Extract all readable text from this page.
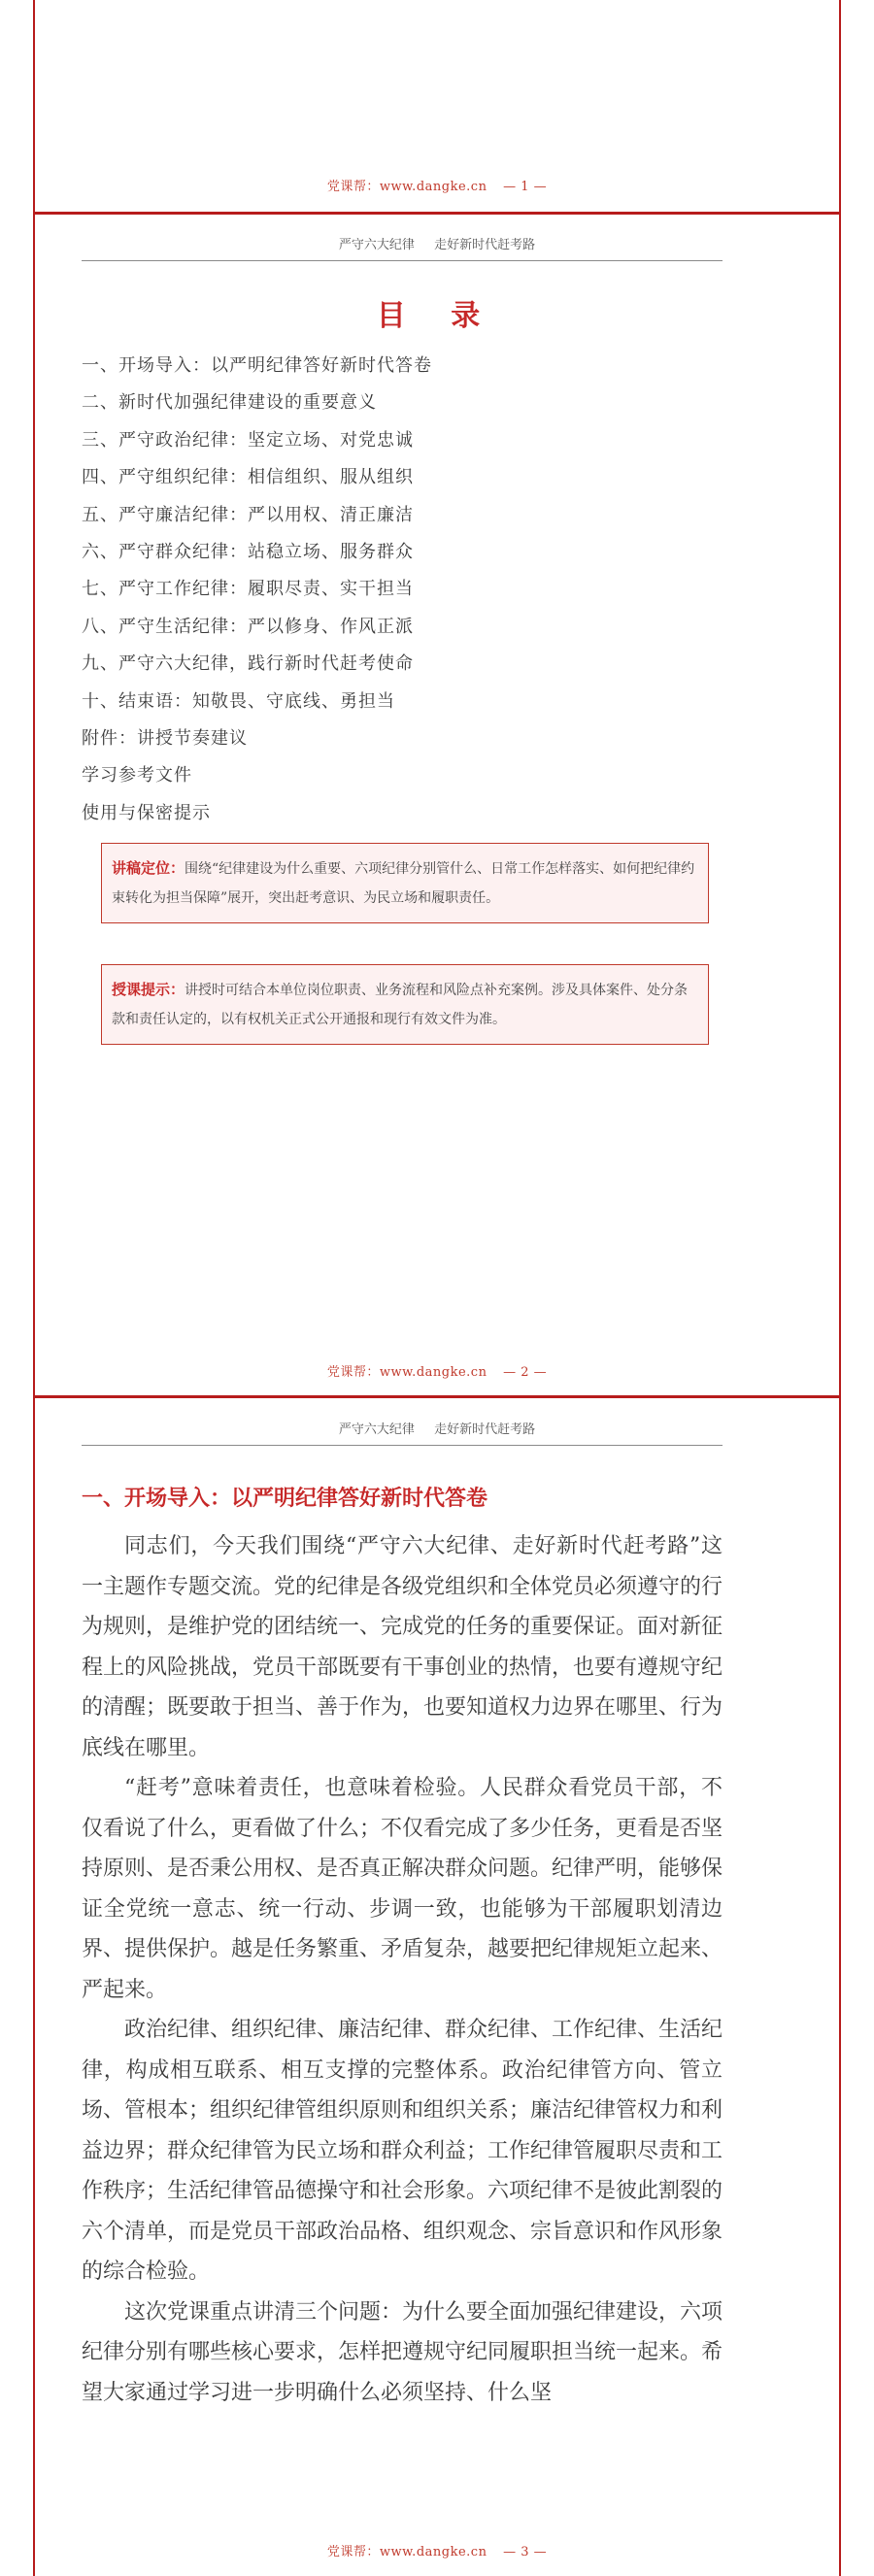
党课帮：www.dangke.cn — 1 —
严守六大纪律 走好新时代赶考路
目 录
一、开场导入：以严明纪律答好新时代答卷
二、新时代加强纪律建设的重要意义
三、严守政治纪律：坚定立场、对党忠诚
四、严守组织纪律：相信组织、服从组织
五、严守廉洁纪律：严以用权、清正廉洁
六、严守群众纪律：站稳立场、服务群众
七、严守工作纪律：履职尽责、实干担当
八、严守生活纪律：严以修身、作风正派
九、严守六大纪律，践行新时代赶考使命
十、结束语：知敬畏、守底线、勇担当
附件：讲授节奏建议
学习参考文件
使用与保密提示
讲稿定位：围绕“纪律建设为什么重要、六项纪律分别管什么、日常工作怎样落实、如何把纪律约束转化为担当保障”展开，突出赶考意识、为民立场和履职责任。
授课提示：讲授时可结合本单位岗位职责、业务流程和风险点补充案例。涉及具体案件、处分条款和责任认定的，以有权机关正式公开通报和现行有效文件为准。
党课帮：www.dangke.cn — 2 —
严守六大纪律 走好新时代赶考路
一、开场导入：以严明纪律答好新时代答卷

同志们，今天我们围绕“严守六大纪律、走好新时代赶考路”这一主题作专题交流。党的纪律是各级党组织和全体党员必须遵守的行为规则，是维护党的团结统一、完成党的任务的重要保证。面对新征程上的风险挑战，党员干部既要有干事创业的热情，也要有遵规守纪的清醒；既要敢于担当、善于作为，也要知道权力边界在哪里、行为底线在哪里。

“赶考”意味着责任，也意味着检验。人民群众看党员干部，不仅看说了什么，更看做了什么；不仅看完成了多少任务，更看是否坚持原则、是否秉公用权、是否真正解决群众问题。纪律严明，能够保证全党统一意志、统一行动、步调一致，也能够为干部履职划清边界、提供保护。越是任务繁重、矛盾复杂，越要把纪律规矩立起来、严起来。

政治纪律、组织纪律、廉洁纪律、群众纪律、工作纪律、生活纪律，构成相互联系、相互支撑的完整体系。政治纪律管方向、管立场、管根本；组织纪律管组织原则和组织关系；廉洁纪律管权力和利益边界；群众纪律管为民立场和群众利益；工作纪律管履职尽责和工作秩序；生活纪律管品德操守和社会形象。六项纪律不是彼此割裂的六个清单，而是党员干部政治品格、组织观念、宗旨意识和作风形象的综合检验。

这次党课重点讲清三个问题：为什么要全面加强纪律建设，六项纪律分别有哪些核心要求，怎样把遵规守纪同履职担当统一起来。希望大家通过学习进一步明确什么必须坚持、什么坚

党课帮：www.dangke.cn — 3 —
